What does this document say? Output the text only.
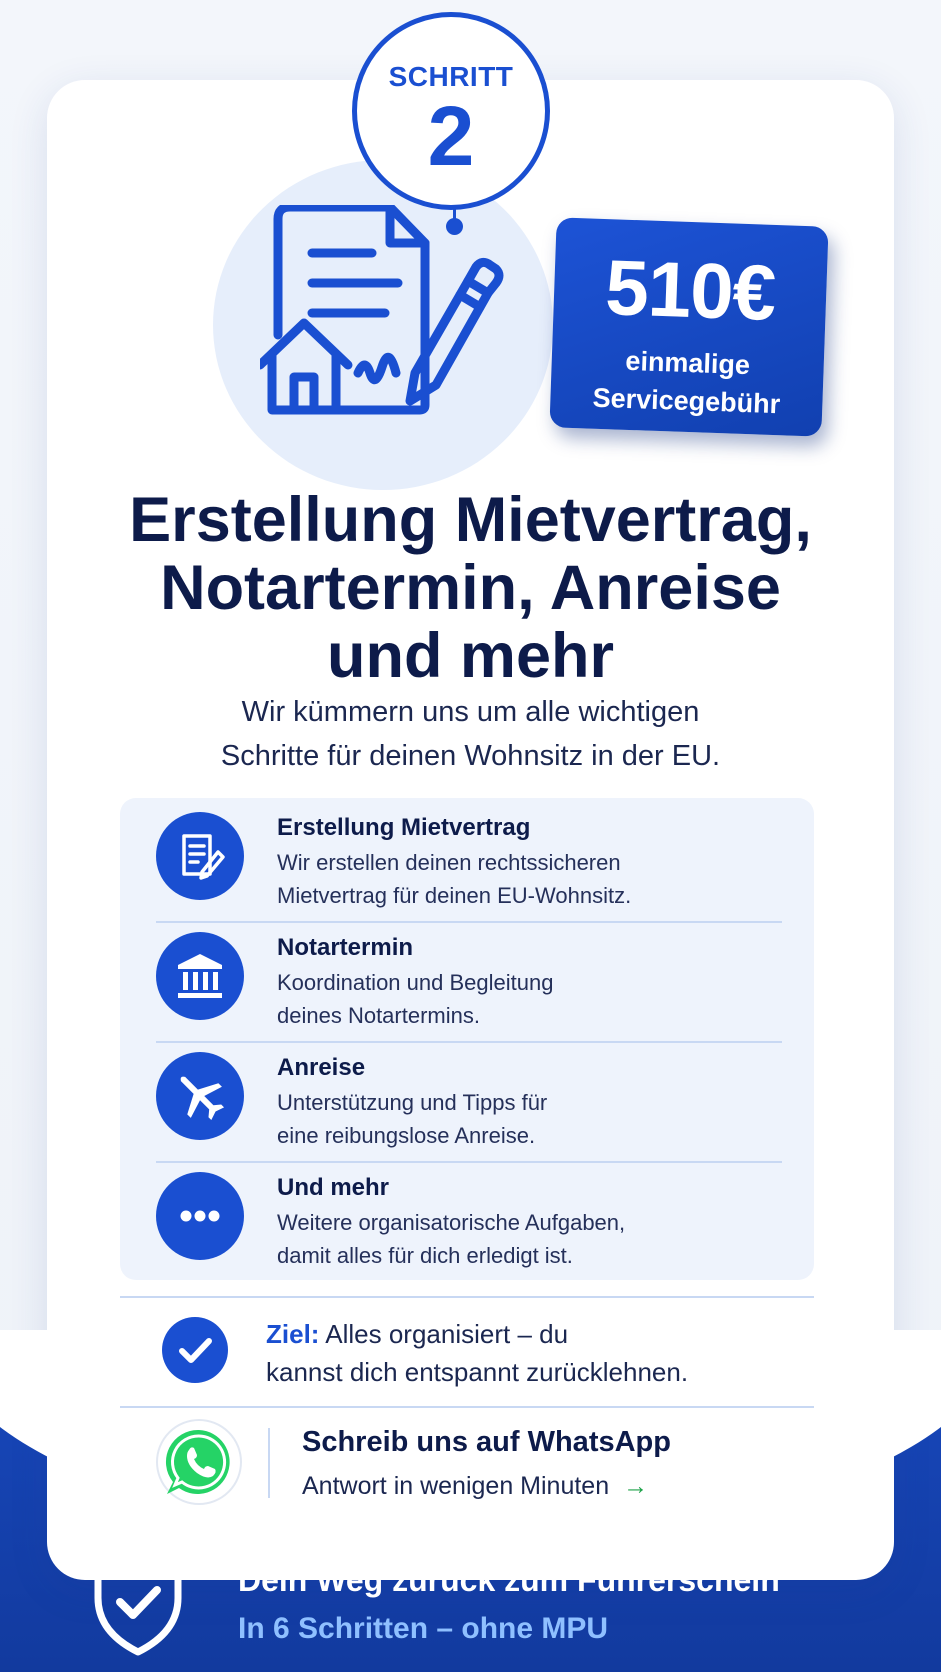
SCHRITT
2
510€
einmalige
Servicegebühr
Erstellung Mietvertrag,
Notartermin, Anreise
und mehr
Wir kümmern uns um alle wichtigen
Schritte für deinen Wohnsitz in der EU.
Erstellung Mietvertrag
Wir erstellen deinen rechtssicheren
Mietvertrag für deinen EU-Wohnsitz.
Notartermin
Koordination und Begleitung
deines Notartermins.
Anreise
Unterstützung und Tipps für
eine reibungslose Anreise.
Und mehr
Weitere organisatorische Aufgaben,
damit alles für dich erledigt ist.
Ziel: Alles organisiert – du
kannst dich entspannt zurücklehnen.
Schreib uns auf WhatsApp
Antwort in wenigen Minuten →
Dein Weg zurück zum Führerschein
In 6 Schritten – ohne MPU
